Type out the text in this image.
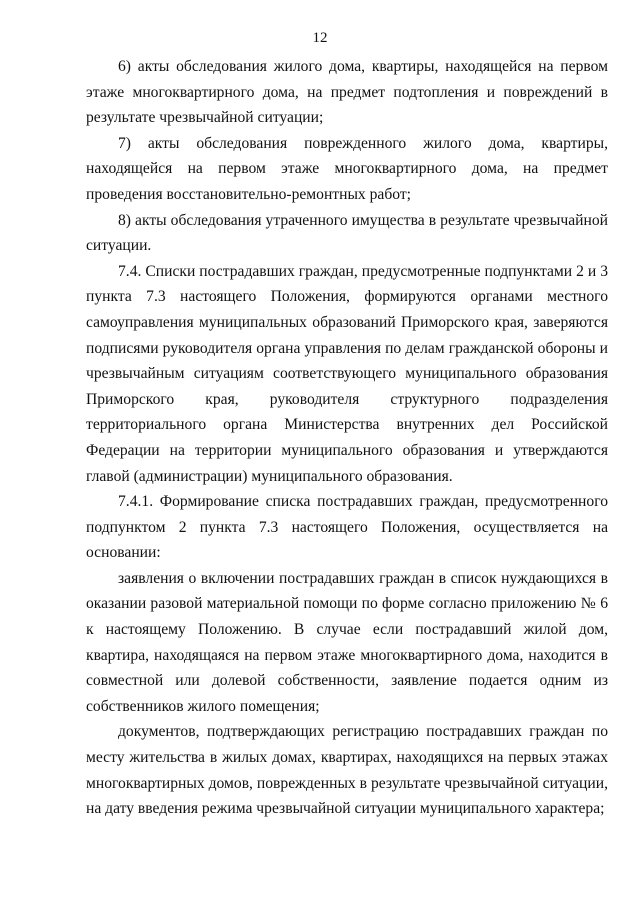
12

6) акты обследования жилого дома, квартиры, находящейся на первом этаже многоквартирного дома, на предмет подтопления и повреждений в результате чрезвычайной ситуации;

7) акты обследования поврежденного жилого дома, квартиры, находящейся на первом этаже многоквартирного дома, на предмет проведения восстановительно-ремонтных работ;

8) акты обследования утраченного имущества в результате чрезвычайной ситуации.

7.4. Списки пострадавших граждан, предусмотренные подпунктами 2 и 3 пункта 7.3 настоящего Положения, формируются органами местного самоуправления муниципальных образований Приморского края, заверяются подписями руководителя органа управления по делам гражданской обороны и чрезвычайным ситуациям соответствующего муниципального образования Приморского края, руководителя структурного подразделения территориального органа Министерства внутренних дел Российской Федерации на территории муниципального образования и утверждаются главой (администрации) муниципального образования.

7.4.1. Формирование списка пострадавших граждан, предусмотренного подпунктом 2 пункта 7.3 настоящего Положения, осуществляется на основании:

заявления о включении пострадавших граждан в список нуждающихся в оказании разовой материальной помощи по форме согласно приложению № 6 к настоящему Положению. В случае если пострадавший жилой дом, квартира, находящаяся на первом этаже многоквартирного дома, находится в совместной или долевой собственности, заявление подается одним из собственников жилого помещения;

документов, подтверждающих регистрацию пострадавших граждан по месту жительства в жилых домах, квартирах, находящихся на первых этажах многоквартирных домов, поврежденных в результате чрезвычайной ситуации, на дату введения режима чрезвычайной ситуации муниципального характера;
